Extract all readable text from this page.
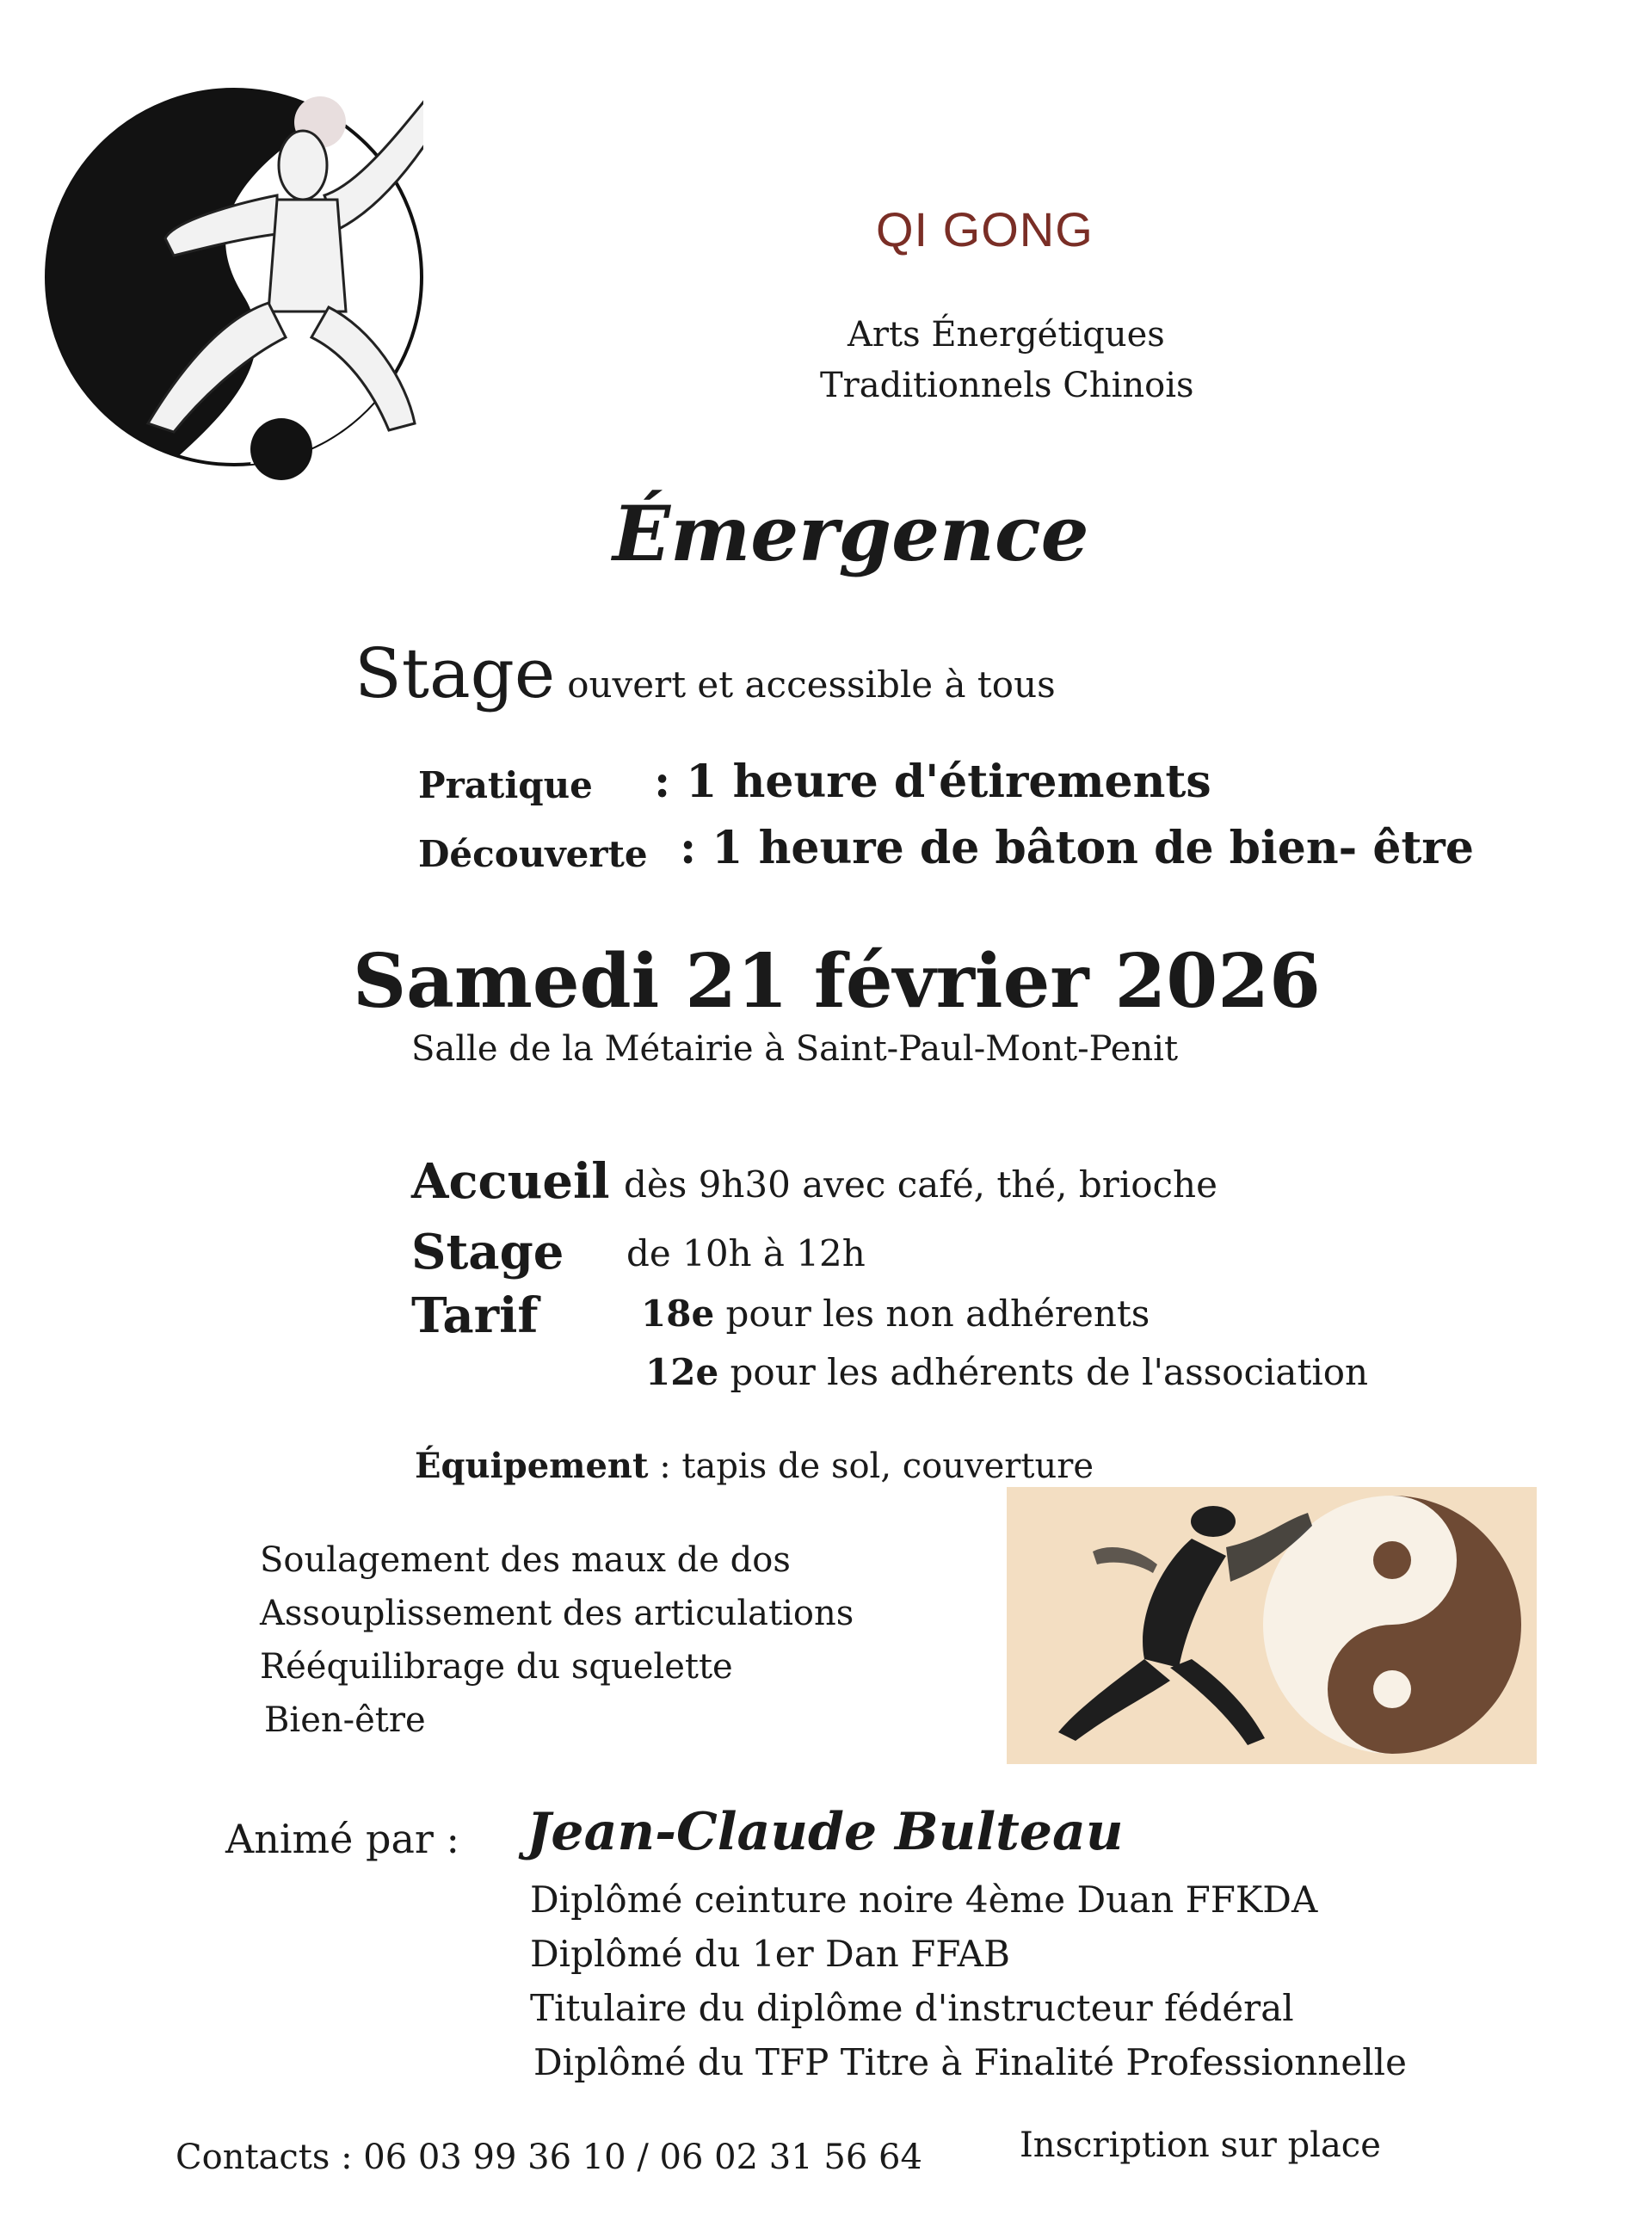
QI GONG
Arts Énergétiques
Traditionnels Chinois
Émergence
Stage ouvert et accessible à tous
Pratique : 1 heure d'étirements
Découverte : 1 heure de bâton de bien- être
Samedi 21 février 2026
Salle de la Métairie à Saint-Paul-Mont-Penit
Accueil dès 9h30 avec café, thé, brioche
Stage de 10h à 12h
Tarif	18e pour les non adhérents
12e pour les adhérents de l'association
Équipement : tapis de sol, couverture
Soulagement des maux de dos
Assouplissement des articulations
Rééquilibrage du squelette
Bien-être
Animé par : Jean-Claude Bulteau
Diplômé ceinture noire 4ème Duan FFKDA
Diplômé du 1er Dan FFAB
Titulaire du diplôme d'instructeur fédéral
Diplômé du TFP Titre à Finalité Professionnelle
Contacts : 06 03 99 36 10 / 06 02 31 56 64	Inscription sur place
